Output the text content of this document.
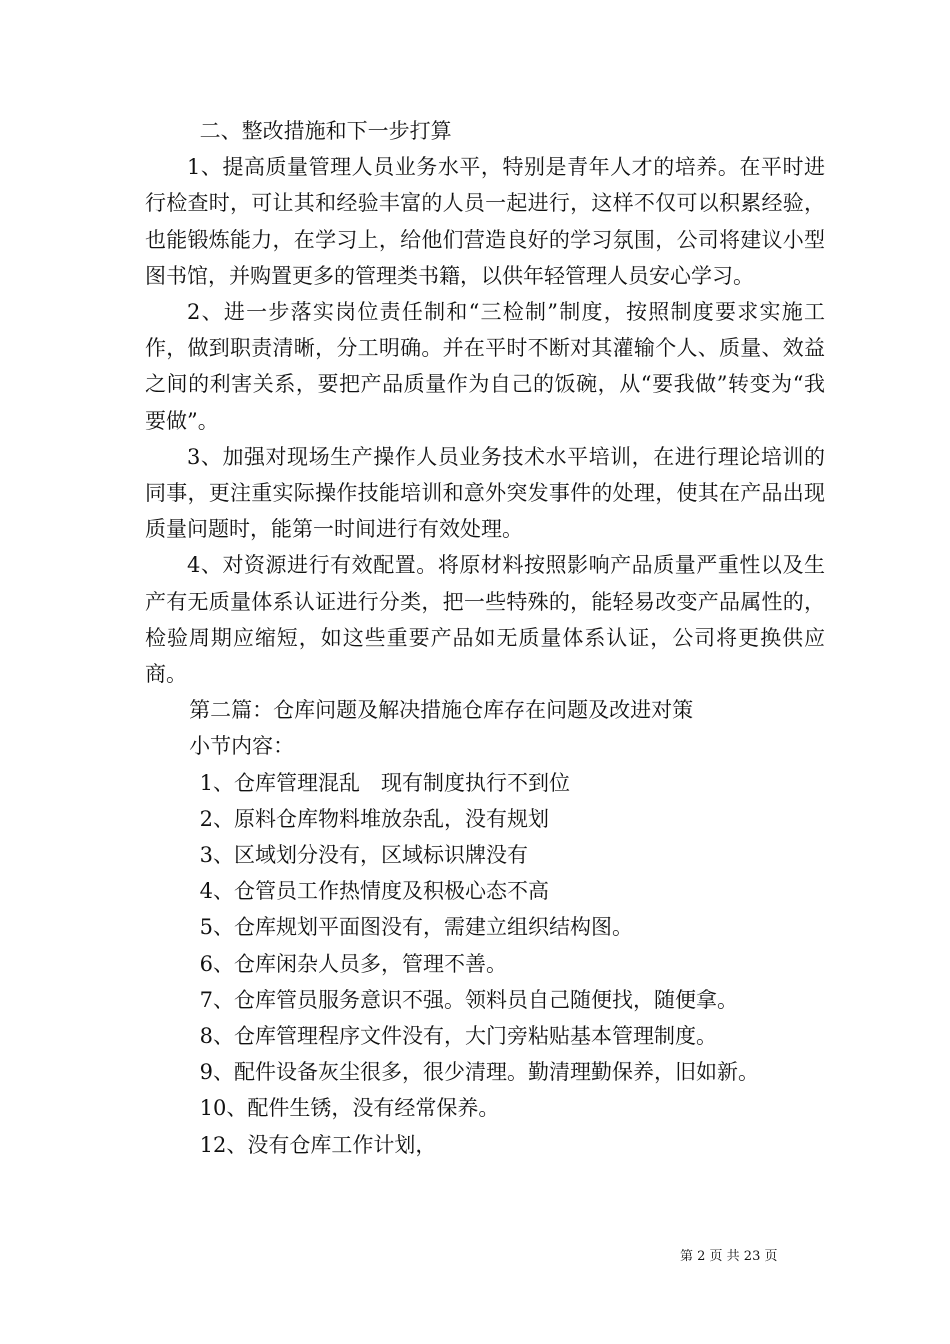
二、整改措施和下一步打算

1、提高质量管理人员业务水平，特别是青年人才的培养。在平时进行检查时，可让其和经验丰富的人员一起进行，这样不仅可以积累经验，也能锻炼能力，在学习上，给他们营造良好的学习氛围，公司将建议小型图书馆，并购置更多的管理类书籍，以供年轻管理人员安心学习。

2、进一步落实岗位责任制和“三检制”制度，按照制度要求实施工作，做到职责清晰，分工明确。并在平时不断对其灌输个人、质量、效益之间的利害关系，要把产品质量作为自己的饭碗，从“要我做”转变为“我要做”。

3、加强对现场生产操作人员业务技术水平培训，在进行理论培训的同事，更注重实际操作技能培训和意外突发事件的处理，使其在产品出现质量问题时，能第一时间进行有效处理。

4、对资源进行有效配置。将原材料按照影响产品质量严重性以及生产有无质量体系认证进行分类，把一些特殊的，能轻易改变产品属性的，检验周期应缩短，如这些重要产品如无质量体系认证，公司将更换供应商。

第二篇：仓库问题及解决措施仓库存在问题及改进对策

小节内容：

1、仓库管理混乱　现有制度执行不到位

2、原料仓库物料堆放杂乱，没有规划

3、区域划分没有，区域标识牌没有

4、仓管员工作热情度及积极心态不高

5、仓库规划平面图没有，需建立组织结构图。

6、仓库闲杂人员多，管理不善。

7、仓库管员服务意识不强。领料员自己随便找，随便拿。

8、仓库管理程序文件没有，大门旁粘贴基本管理制度。

9、配件设备灰尘很多，很少清理。勤清理勤保养，旧如新。

10、配件生锈，没有经常保养。

12、没有仓库工作计划，

第 2 页 共 23 页
